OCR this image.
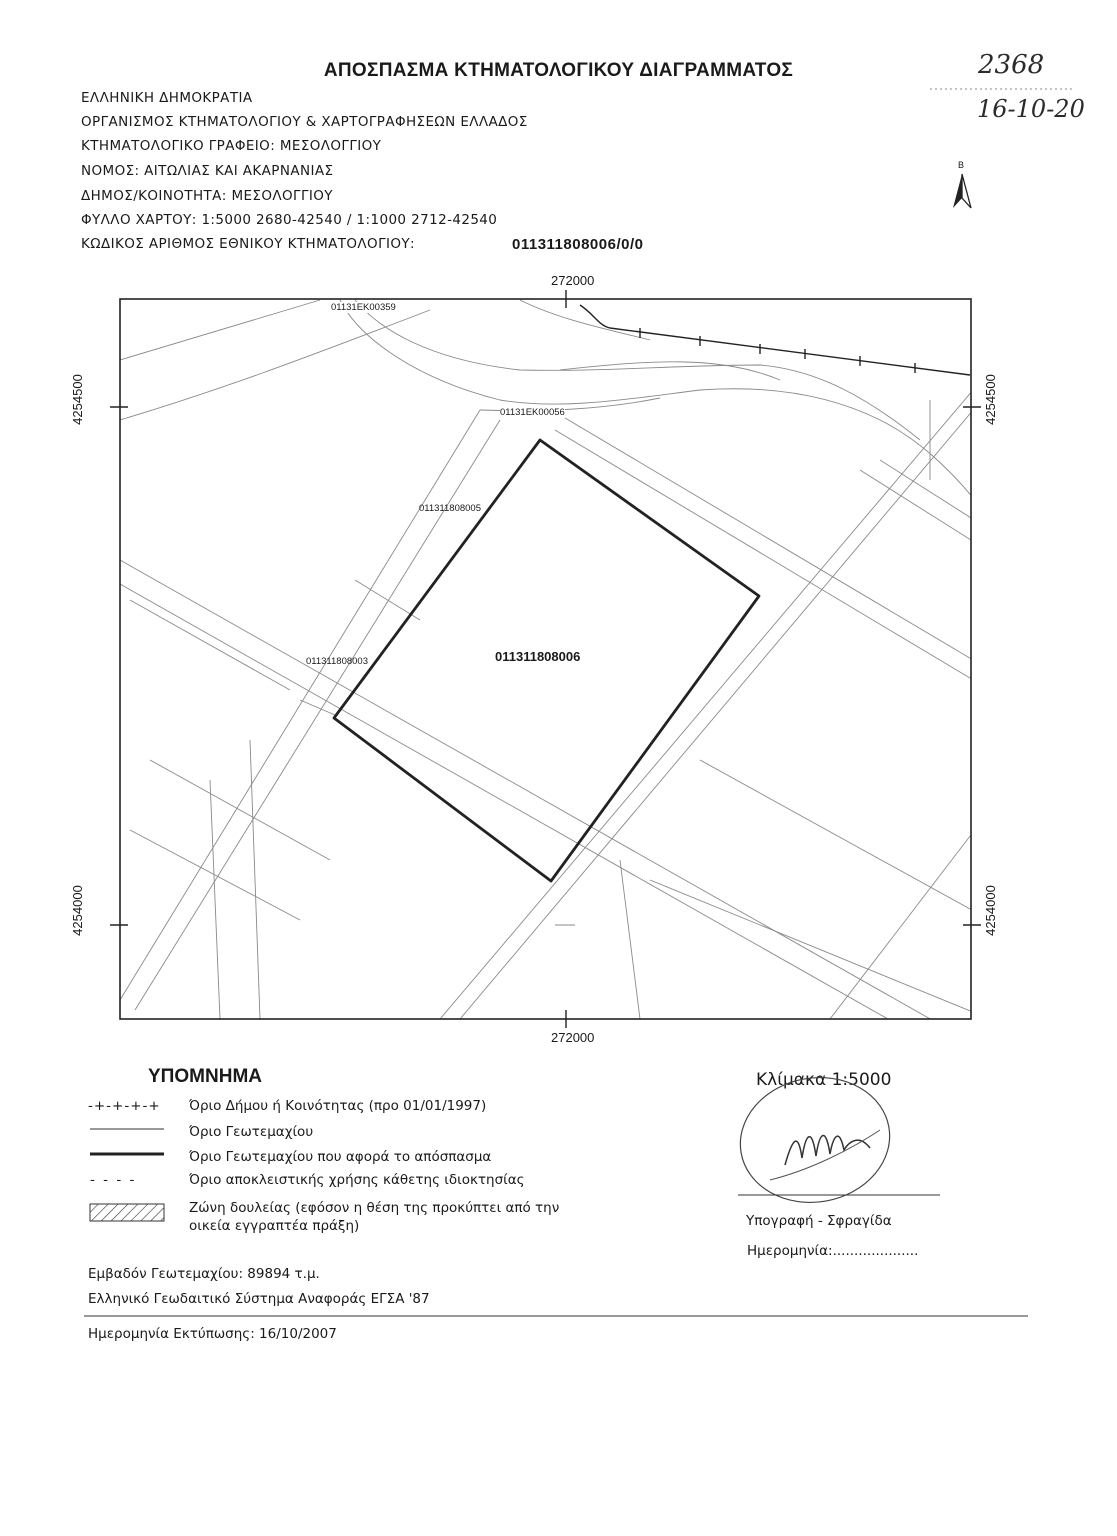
ΑΠΟΣΠΑΣΜΑ ΚΤΗΜΑΤΟΛΟΓΙΚΟΥ ΔΙΑΓΡΑΜΜΑΤΟΣ
ΕΛΛΗΝΙΚΗ ΔΗΜΟΚΡΑΤΙΑ
ΟΡΓΑΝΙΣΜΟΣ ΚΤΗΜΑΤΟΛΟΓΙΟΥ & ΧΑΡΤΟΓΡΑΦΗΣΕΩΝ ΕΛΛΑΔΟΣ
ΚΤΗΜΑΤΟΛΟΓΙΚΟ ΓΡΑΦΕΙΟ: ΜΕΣΟΛΟΓΓΙΟΥ
ΝΟΜΟΣ: ΑΙΤΩΛΙΑΣ ΚΑΙ ΑΚΑΡΝΑΝΙΑΣ
ΔΗΜΟΣ/ΚΟΙΝΟΤΗΤΑ: ΜΕΣΟΛΟΓΓΙΟΥ
ΦΥΛΛΟ ΧΑΡΤΟΥ: 1:5000 2680-42540 / 1:1000 2712-42540
ΚΩΔΙΚΟΣ ΑΡΙΘΜΟΣ ΕΘΝΙΚΟΥ ΚΤΗΜΑΤΟΛΟΓΙΟΥ:	011311808006/0/0
2368
16-10-20
Β
272000
272000
4254500
4254000
4254500
4254000
01131ΕΚ00359
01131ΕΚ00056
011311808005
011311808003	011311808006
ΥΠΟΜΝΗΜΑ
-+-+-+-+ Όριο Δήμου ή Κοινότητας (προ 01/01/1997)
Όριο Γεωτεμαχίου
Όριο Γεωτεμαχίου που αφορά το απόσπασμα
- - - -	Όριο αποκλειστικής χρήσης κάθετης ιδιοκτησίας
Ζώνη δουλείας (εφόσον η θέση της προκύπτει από την
οικεία εγγραπτέα πράξη)
Εμβαδόν Γεωτεμαχίου: 89894 τ.μ.
Ελληνικό Γεωδαιτικό Σύστημα Αναφοράς ΕΓΣΑ '87
Ημερομηνία Εκτύπωσης: 16/10/2007
Κλίμακα 1:5000
Υπογραφή - Σφραγίδα
Ημερομηνία:....................
